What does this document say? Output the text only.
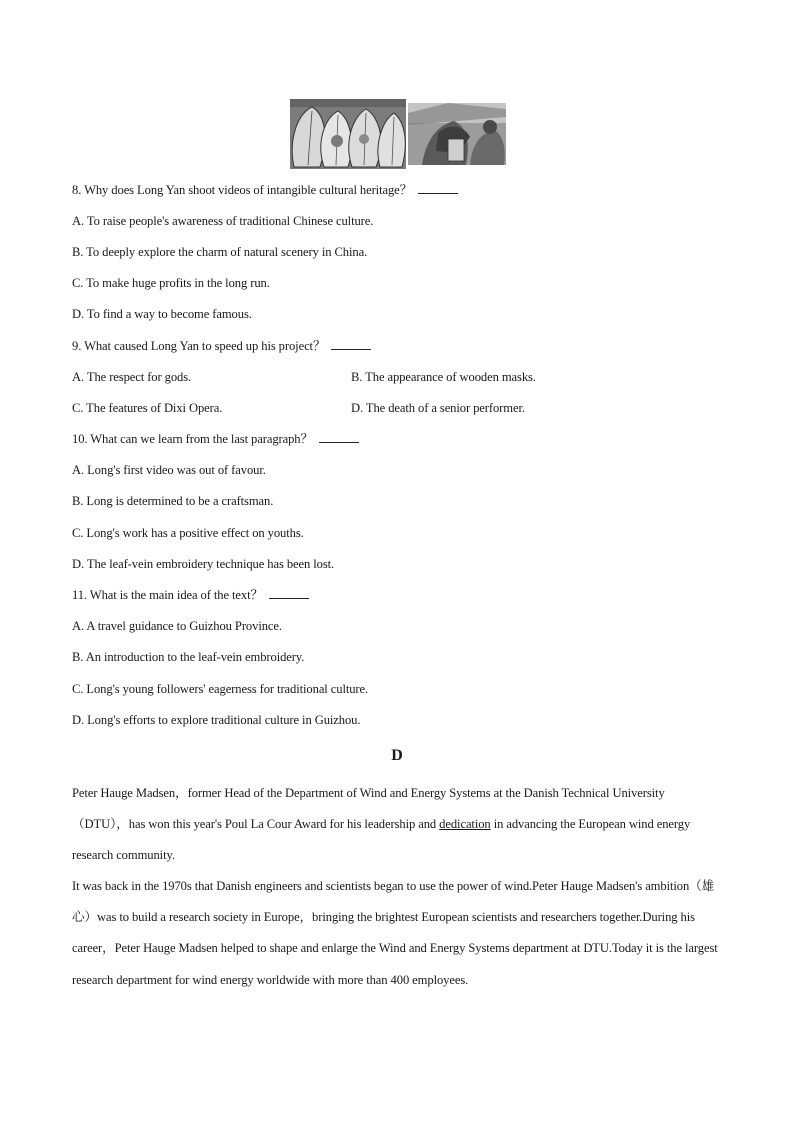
8. Why does Long Yan shoot videos of intangible cultural heritage？
A. To raise people's awareness of traditional Chinese culture.
B. To deeply explore the charm of natural scenery in China.
C. To make huge profits in the long run.
D. To find a way to become famous.
9. What caused Long Yan to speed up his project？
A. The respect for gods.	B. The appearance of wooden masks.
C. The features of Dixi Opera.	D. The death of a senior performer.
10. What can we learn from the last paragraph？
A. Long's first video was out of favour.
B. Long is determined to be a craftsman.
C. Long's work has a positive effect on youths.
D. The leaf-vein embroidery technique has been lost.
11. What is the main idea of the text？
A. A travel guidance to Guizhou Province.
B. An introduction to the leaf-vein embroidery.
C. Long's young followers' eagerness for traditional culture.
D. Long's efforts to explore traditional culture in Guizhou.
D
Peter Hauge Madsen，former Head of the Department of Wind and Energy Systems at the Danish Technical University （DTU），has won this year's Poul La Cour Award for his leadership and dedication in advancing the European wind energy research community.
It was back in the 1970s that Danish engineers and scientists began to use the power of wind.Peter Hauge Madsen's ambition（雄心）was to build a research society in Europe，bringing the brightest European scientists and researchers together.During his career，Peter Hauge Madsen helped to shape and enlarge the Wind and Energy Systems department at DTU.Today it is the largest research department for wind energy worldwide with more than 400 employees.
